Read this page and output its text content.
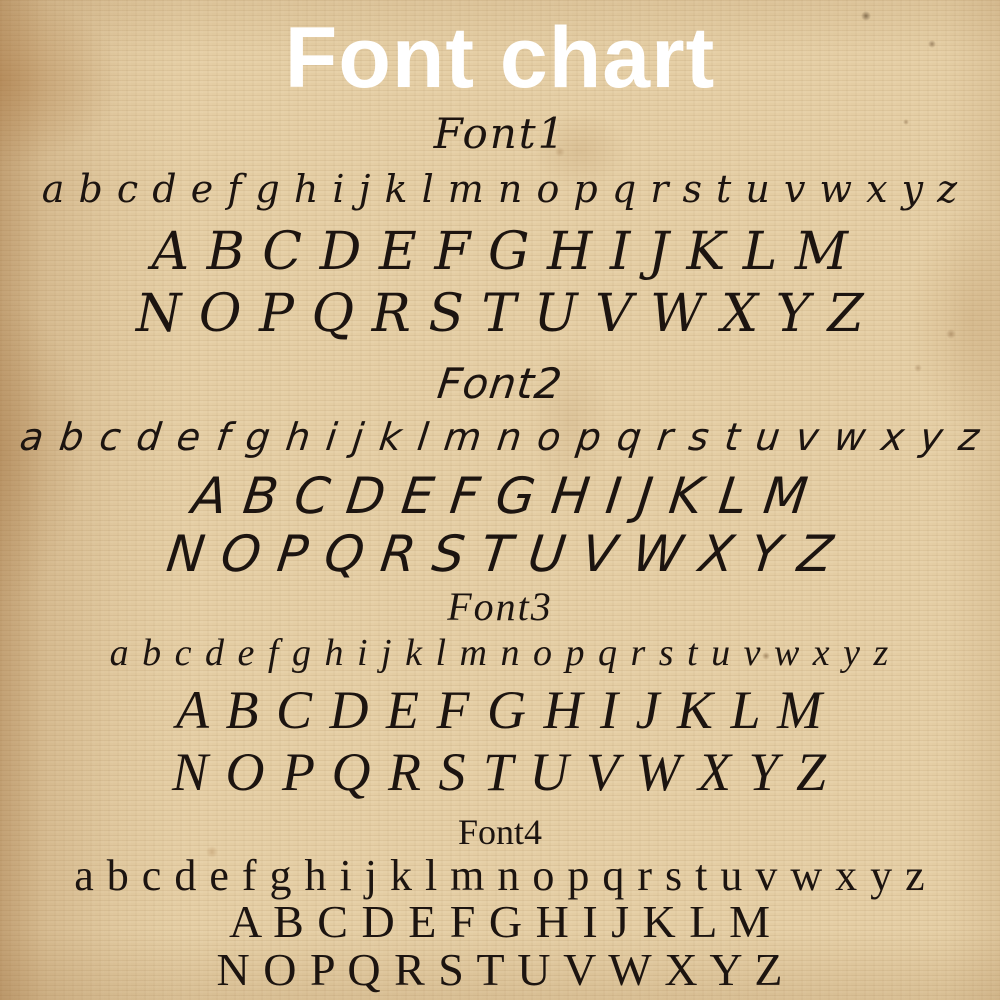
Font chart
Font1
a b c d e f g h i j k l m n o p q r s t u v w x y z
A B C D E F G H I J K L M
N O P Q R S T U V W X Y Z
Font2
a b c d e f g h i j k l m n o p q r s t u v w x y z
A B C D E F G H I J K L M
N O P Q R S T U V W X Y Z
Font3
a b c d e f g h i j k l m n o p q r s t u v w x y z
A B C D E F G H I J K L M
N O P Q R S T U V W X Y Z
Font4
a b c d e f g h i j k l m n o p q r s t u v w x y z
A B C D E F G H I J K L M
N O P Q R S T U V W X Y Z
